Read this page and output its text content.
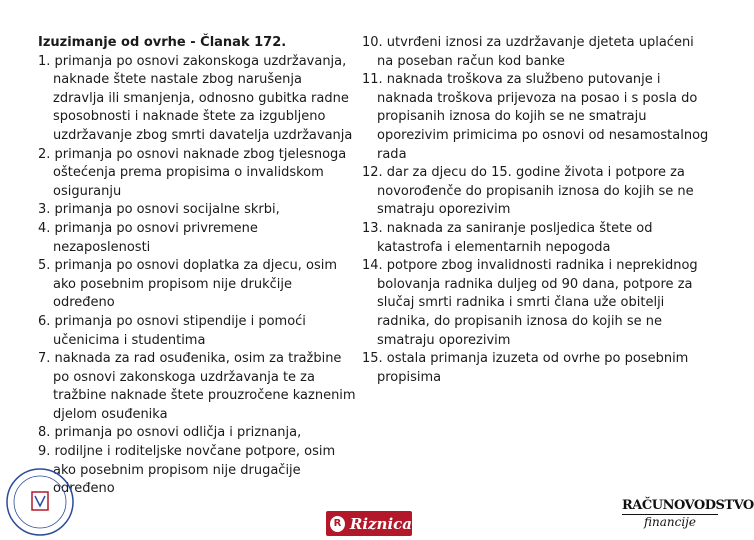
Izuzimanje od ovrhe - Članak 172.
1. primanja po osnovi zakonskoga uzdržavanja, naknade štete nastale zbog narušenja zdravlja ili smanjenja, odnosno gubitka radne sposobnosti i naknade štete za izgubljeno uzdržavanje zbog smrti davatelja uzdržavanja
2. primanja po osnovi naknade zbog tjelesnoga oštećenja prema propisima o invalidskom osiguranju
3. primanja po osnovi socijalne skrbi,
4. primanja po osnovi privremene nezaposlenosti
5. primanja po osnovi doplatka za djecu, osim ako posebnim propisom nije drukčije određeno
6. primanja po osnovi stipendije i pomoći učenicima i studentima
7. naknada za rad osuđenika, osim za tražbine po osnovi zakonskoga uzdržavanja te za tražbine naknade štete prouzročene kaznenim djelom osuđenika
8. primanja po osnovi odličja i priznanja,
9. rodiljne i roditeljske novčane potpore, osim ako posebnim propisom nije drugačije određeno
10. utvrđeni iznosi za uzdržavanje djeteta uplaćeni na poseban račun kod banke
11. naknada troškova za službeno putovanje i naknada troškova prijevoza na posao i s posla do propisanih iznosa do kojih se ne smatraju oporezivim primicima po osnovi od nesamostalnog rada
12. dar za djecu do 15. godine života i potpore za novorođenče do propisanih iznosa do kojih se ne smatraju oporezivim
13. naknada za saniranje posljedica štete od katastrofa i elementarnih nepogoda
14. potpore zbog invalidnosti radnika i neprekidnog bolovanja radnika duljeg od 90 dana, potpore za slučaj smrti radnika i smrti člana uže obitelji radnika, do propisanih iznosa do kojih se ne smatraju oporezivim
15. ostala primanja izuzeta od ovrhe po posebnim propisima
R Riznica
RAČUNOVODSTVO
financije
